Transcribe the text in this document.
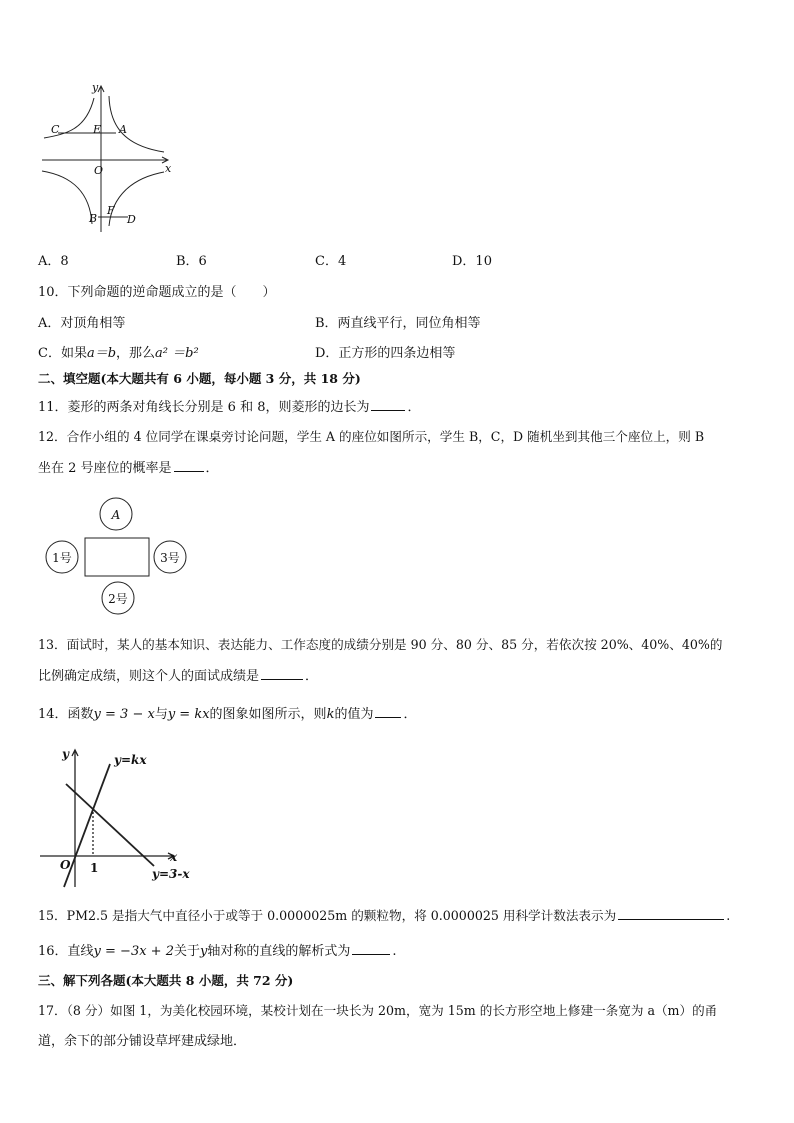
y
x
O
C	E A
B
F
D
A．8	B．6	C．4	D．10
10．下列命题的逆命题成立的是（　　）
A．对顶角相等	B．两直线平行，同位角相等
C．如果a＝b，那么a² ＝b²	D．正方形的四条边相等
二、填空题(本大题共有 6 小题，每小题 3 分，共 18 分)
11．菱形的两条对角线长分别是 6 和 8，则菱形的边长为	．
12．合作小组的 4 位同学在课桌旁讨论问题，学生 A 的座位如图所示，学生 B，C，D 随机坐到其他三个座位上，则 B
坐在 2 号座位的概率是	．
A
1号	3号
2号
13．面试时，某人的基本知识、表达能力、工作态度的成绩分别是 90 分、80 分、85 分，若依次按 20%、40%、40%的
比例确定成绩，则这个人的面试成绩是	．
14．函数y = 3 − x与y = kx的图象如图所示，则k的值为 ．
y
x
O 1
y=kx
y=3-x
15．PM2.5 是指大气中直径小于或等于 0.0000025m 的颗粒物，将 0.0000025 用科学计数法表示为	.
16．直线y = −3x + 2关于y轴对称的直线的解析式为	.
三、解下列各题(本大题共 8 小题，共 72 分)
17．（8 分）如图 1，为美化校园环境，某校计划在一块长为 20m，宽为 15m 的长方形空地上修建一条宽为 a（m）的甬
道，余下的部分铺设草坪建成绿地．
